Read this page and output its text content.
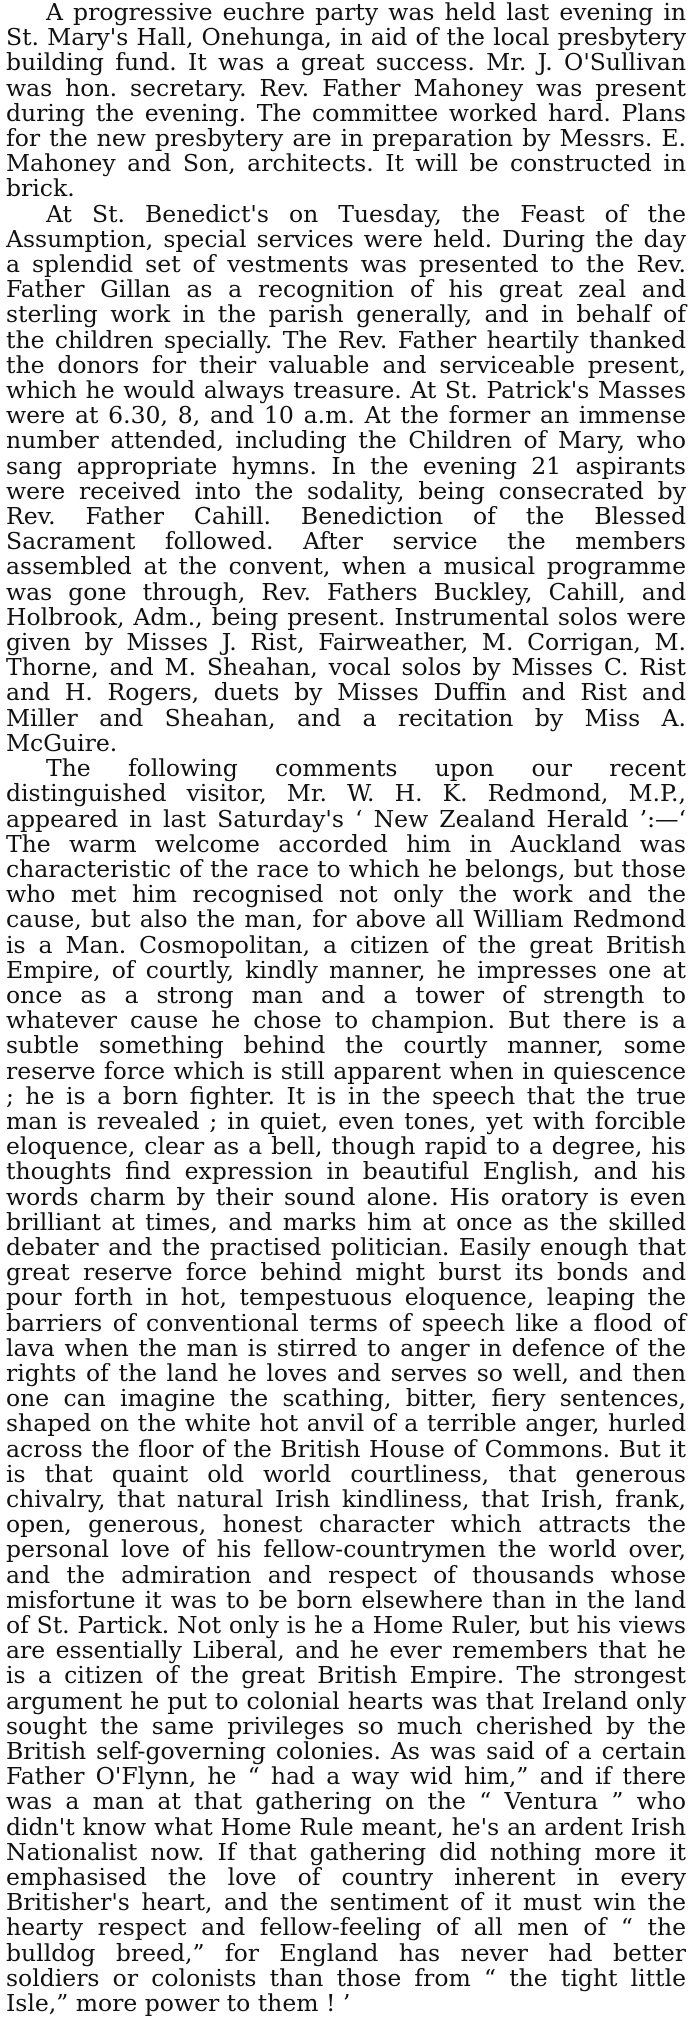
A progressive euchre party was held last evening in St. Mary's Hall, Onehunga, in aid of the local presbytery building fund. It was a great success. Mr. J. O'Sullivan was hon. secretary. Rev. Father Mahoney was present during the evening. The committee worked hard. Plans for the new presbytery are in preparation by Messrs. E. Mahoney and Son, architects. It will be constructed in brick.

At St. Benedict's on Tuesday, the Feast of the Assumption, special services were held. During the day a splendid set of vestments was presented to the Rev. Father Gillan as a recognition of his great zeal and sterling work in the parish generally, and in behalf of the children specially. The Rev. Father heartily thanked the donors for their valuable and serviceable present, which he would always treasure. At St. Patrick's Masses were at 6.30, 8, and 10 a.m. At the former an immense number attended, including the Children of Mary, who sang appropriate hymns. In the evening 21 aspirants were received into the sodality, being consecrated by Rev. Father Cahill. Benediction of the Blessed Sacrament followed. After service the members assembled at the convent, when a musical programme was gone through, Rev. Fathers Buckley, Cahill, and Holbrook, Adm., being present. Instrumental solos were given by Misses J. Rist, Fairweather, M. Corrigan, M. Thorne, and M. Sheahan, vocal solos by Misses C. Rist and H. Rogers, duets by Misses Duffin and Rist and Miller and Sheahan, and a recitation by Miss A. McGuire.

The following comments upon our recent distinguished visitor, Mr. W. H. K. Redmond, M.P., appeared in last Saturday's ‘ New Zealand Herald ’:—‘ The warm welcome accorded him in Auckland was characteristic of the race to which he belongs, but those who met him recognised not only the work and the cause, but also the man, for above all William Redmond is a Man. Cosmopolitan, a citizen of the great British Empire, of courtly, kindly manner, he impresses one at once as a strong man and a tower of strength to whatever cause he chose to champion. But there is a subtle something behind the courtly manner, some reserve force which is still apparent when in quiescence ; he is a born fighter. It is in the speech that the true man is revealed ; in quiet, even tones, yet with forcible eloquence, clear as a bell, though rapid to a degree, his thoughts find expression in beautiful English, and his words charm by their sound alone. His oratory is even brilliant at times, and marks him at once as the skilled debater and the practised politician. Easily enough that great reserve force behind might burst its bonds and pour forth in hot, tempestuous eloquence, leaping the barriers of conventional terms of speech like a flood of lava when the man is stirred to anger in defence of the rights of the land he loves and serves so well, and then one can imagine the scathing, bitter, fiery sentences, shaped on the white hot anvil of a terrible anger, hurled across the floor of the British House of Commons. But it is that quaint old world courtliness, that generous chivalry, that natural Irish kindliness, that Irish, frank, open, generous, honest character which attracts the personal love of his fellow-countrymen the world over, and the admiration and respect of thousands whose misfortune it was to be born elsewhere than in the land of St. Partick. Not only is he a Home Ruler, but his views are essentially Liberal, and he ever remembers that he is a citizen of the great British Empire. The strongest argument he put to colonial hearts was that Ireland only sought the same privileges so much cherished by the British self-governing colonies. As was said of a certain Father O'Flynn, he “ had a way wid him,” and if there was a man at that gathering on the “ Ventura ” who didn't know what Home Rule meant, he's an ardent Irish Nationalist now. If that gathering did nothing more it emphasised the love of country inherent in every Britisher's heart, and the sentiment of it must win the hearty respect and fellow-feeling of all men of “ the bulldog breed,” for England has never had better soldiers or colonists than those from “ the tight little Isle,” more power to them ! ’
